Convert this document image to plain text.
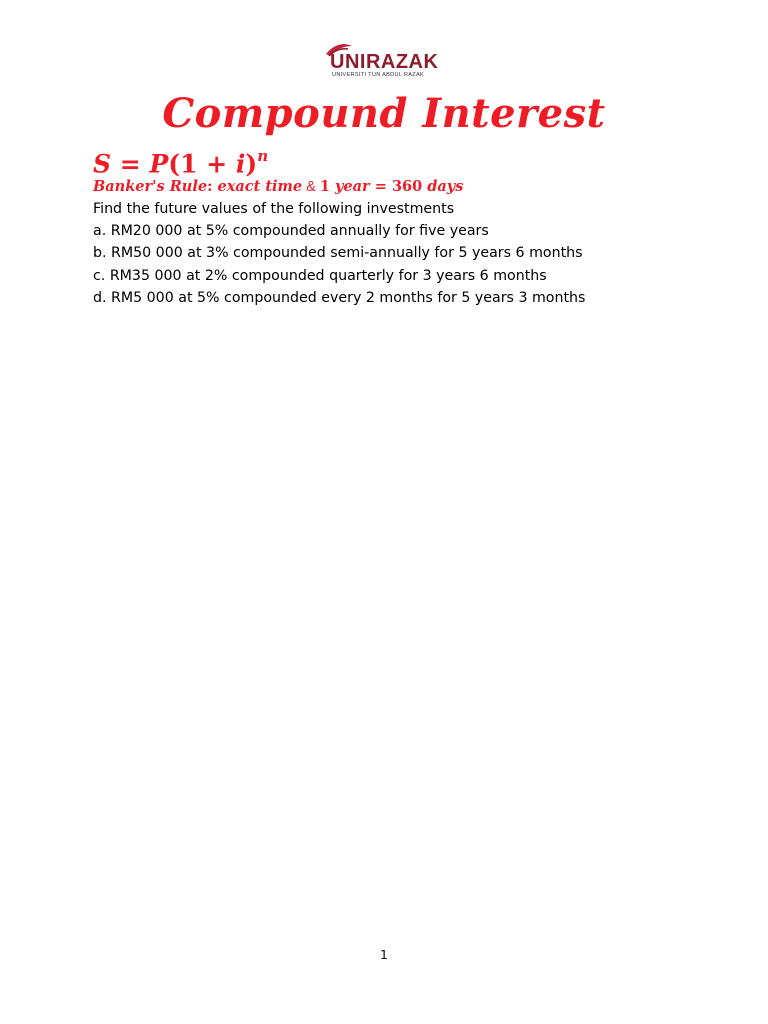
UNIRAZAK
UNIVERSITI TUN ABDUL RAZAK
Compound Interest
$S = P(1 + i)^n$
Banker's Rule: exact time & 1 year = 360 days
Find the future values of the following investments
a. RM20 000 at 5% compounded annually for five years
b. RM50 000 at 3% compounded semi-annually for 5 years 6 months
c. RM35 000 at 2% compounded quarterly for 3 years 6 months
d. RM5 000 at 5% compounded every 2 months for 5 years 3 months
1
